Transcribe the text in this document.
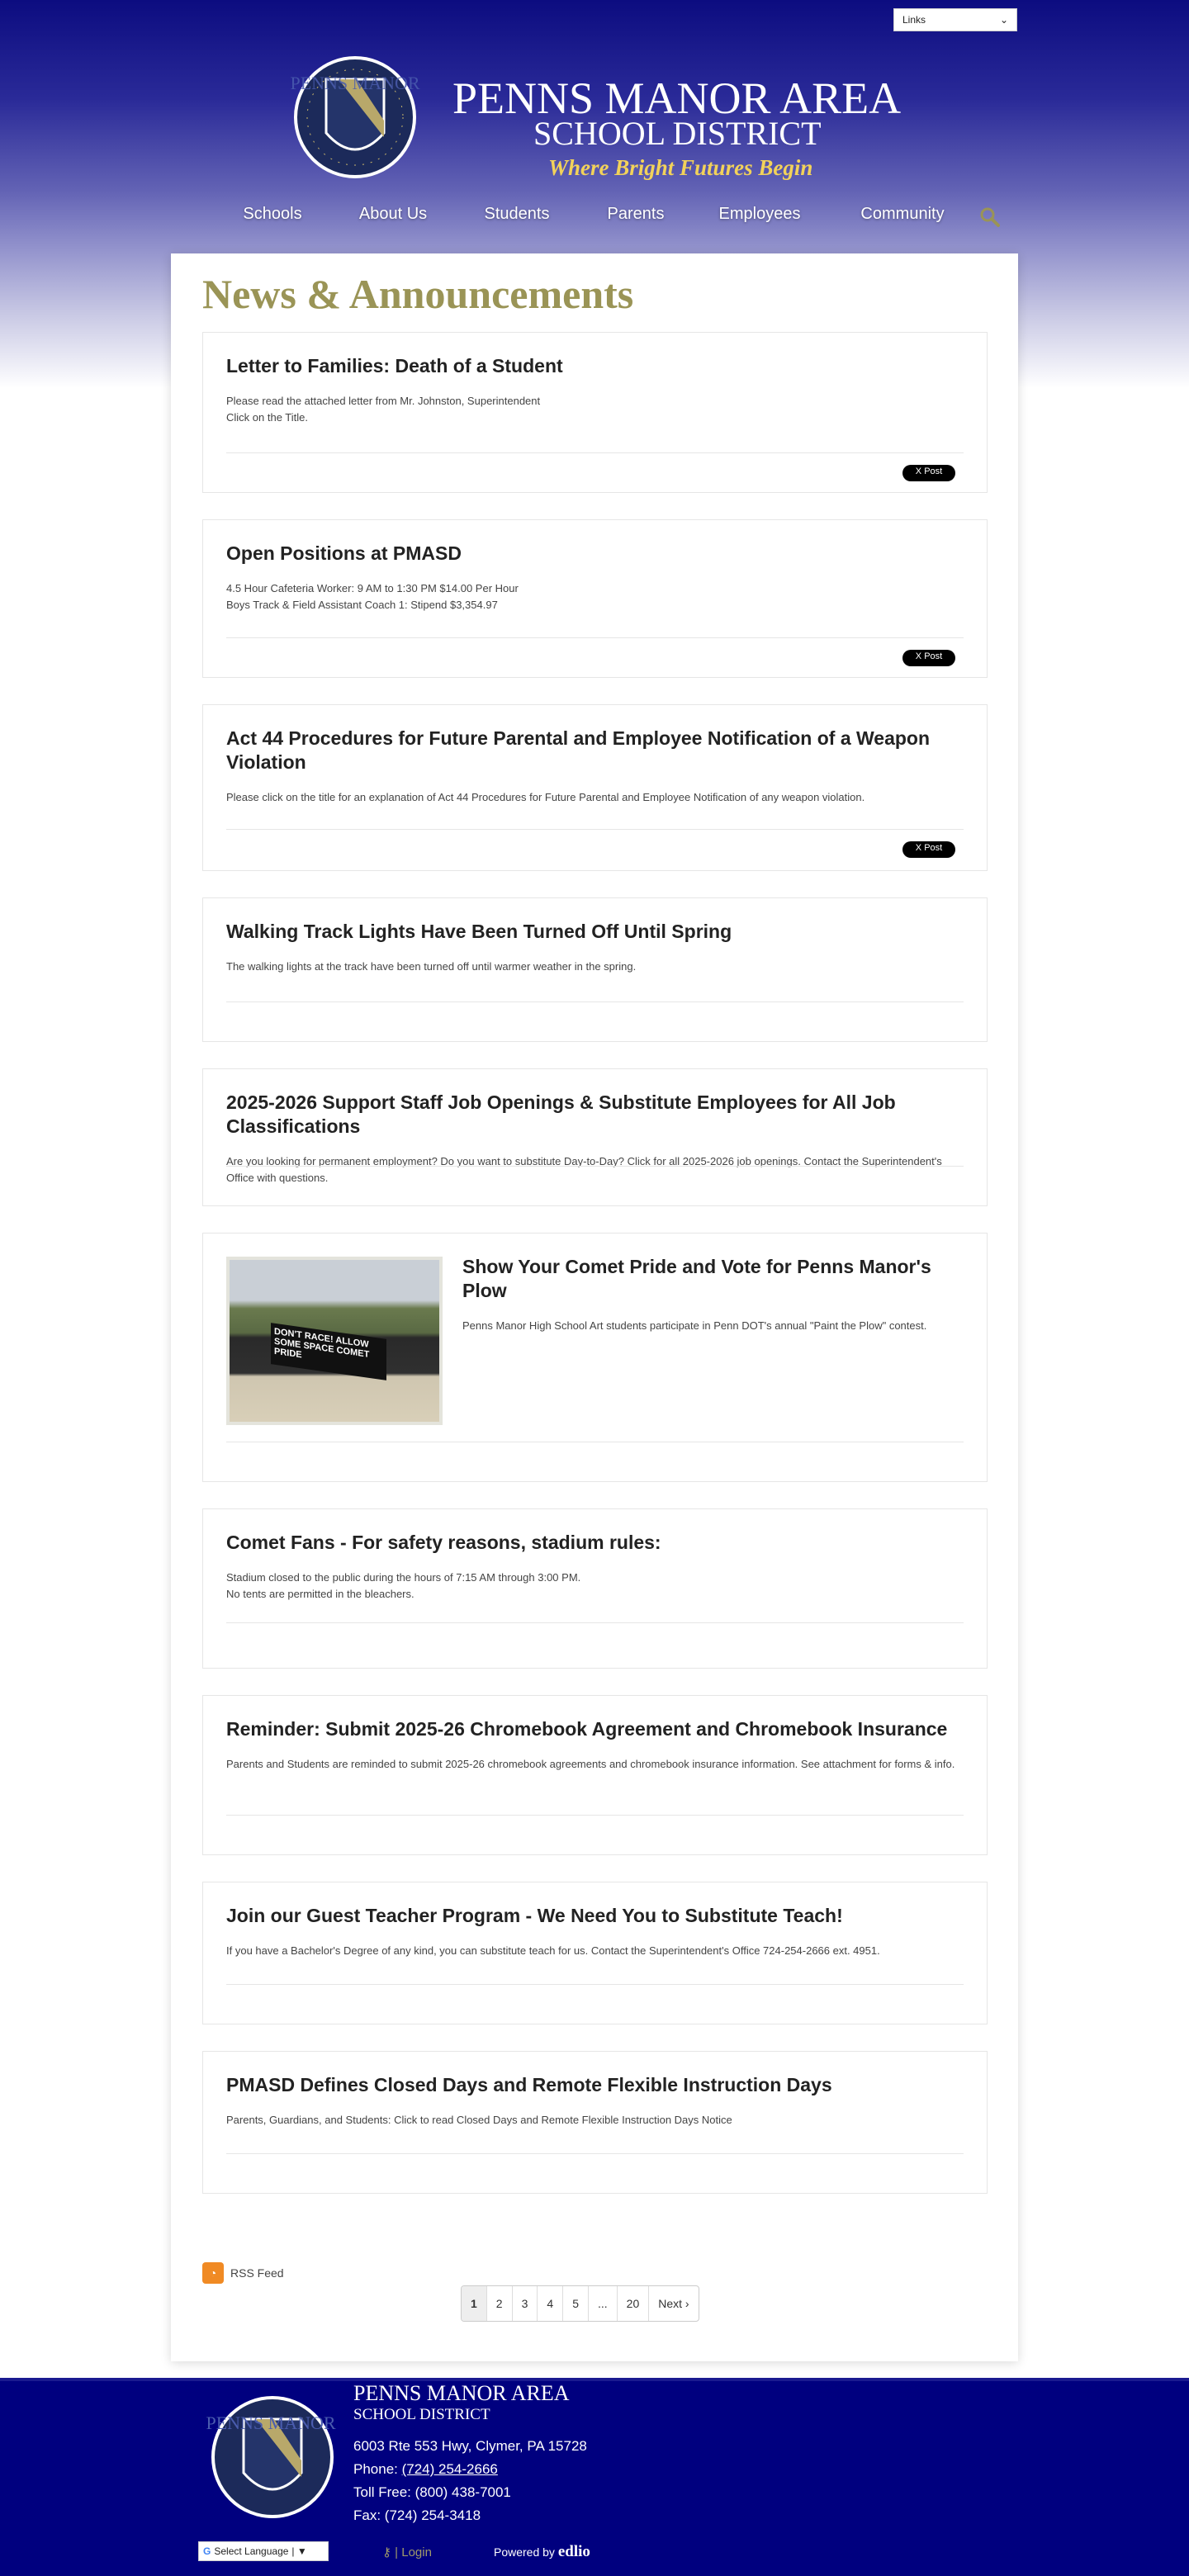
Links	⌄
PENNS MANOR PENNS MANOR AREA
SCHOOL DISTRICT
Where Bright Futures Begin
Schools	About Us	Students	Parents	Employees	Community
News & Announcements
Letter to Families: Death of a Student

Please read the attached letter from Mr. Johnston, Superintendent

Click on the Title.

X Post
Open Positions at PMASD

4.5 Hour Cafeteria Worker: 9 AM to 1:30 PM $14.00 Per Hour

Boys Track & Field Assistant Coach 1: Stipend $3,354.97

X Post
Act 44 Procedures for Future Parental and Employee Notification of a Weapon Violation

Please click on the title for an explanation of Act 44 Procedures for Future Parental and Employee Notification of any weapon violation.

X Post
Walking Track Lights Have Been Turned Off Until Spring

The walking lights at the track have been turned off until warmer weather in the spring.

2025-2026 Support Staff Job Openings & Substitute Employees for All Job Classifications

Are you looking for permanent employment? Do you want to substitute Day-to-Day? Click for all 2025-2026 job openings. Contact the Superintendent's Office with questions.

DON'T RACE! ALLOW SOME SPACE COMET PRIDE
Show Your Comet Pride and Vote for Penns Manor's Plow

Penns Manor High School Art students participate in Penn DOT's annual "Paint the Plow" contest.

Comet Fans - For safety reasons, stadium rules:

Stadium closed to the public during the hours of 7:15 AM through 3:00 PM.

No tents are permitted in the bleachers.

Reminder: Submit 2025-26 Chromebook Agreement and Chromebook Insurance

Parents and Students are reminded to submit 2025-26 chromebook agreements and chromebook insurance information. See attachment for forms & info.

Join our Guest Teacher Program - We Need You to Substitute Teach!

If you have a Bachelor's Degree of any kind, you can substitute teach for us. Contact the Superintendent's Office 724-254-2666 ext. 4951.

PMASD Defines Closed Days and Remote Flexible Instruction Days

Parents, Guardians, and Students: Click to read Closed Days and Remote Flexible Instruction Days Notice

◔	RSS Feed
1	2	3	4	5	...	20	Next ›
PENNS MANOR
PENNS MANOR AREA
SCHOOL DISTRICT
6003 Rte 553 Hwy, Clymer, PA 15728
Phone: (724) 254-2666
Toll Free: (800) 438-7001
Fax: (724) 254-3418
G Select Language | ▼	⚷ | Login	Powered by edlio
